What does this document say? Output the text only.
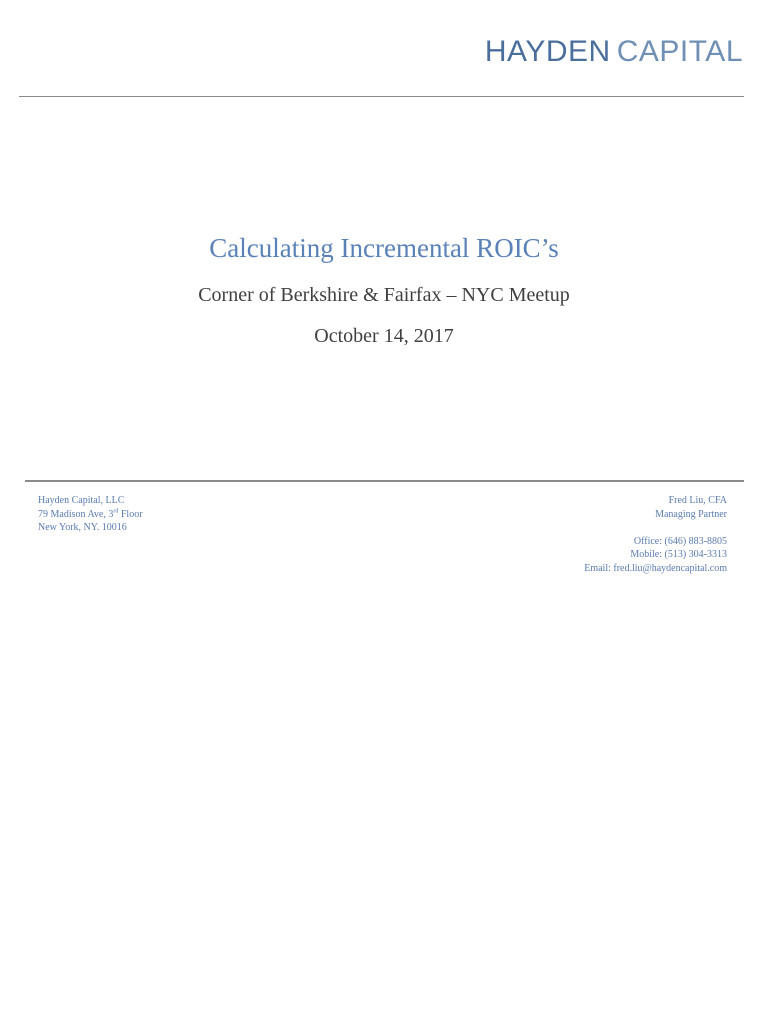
HAYDEN CAPITAL
Calculating Incremental ROIC’s
Corner of Berkshire & Fairfax – NYC Meetup
October 14, 2017
Hayden Capital, LLC
79 Madison Ave, 3rd Floor
New York, NY. 10016
Fred Liu, CFA
Managing Partner
Office: (646) 883-8805
Mobile: (513) 304-3313
Email: fred.liu@haydencapital.com
